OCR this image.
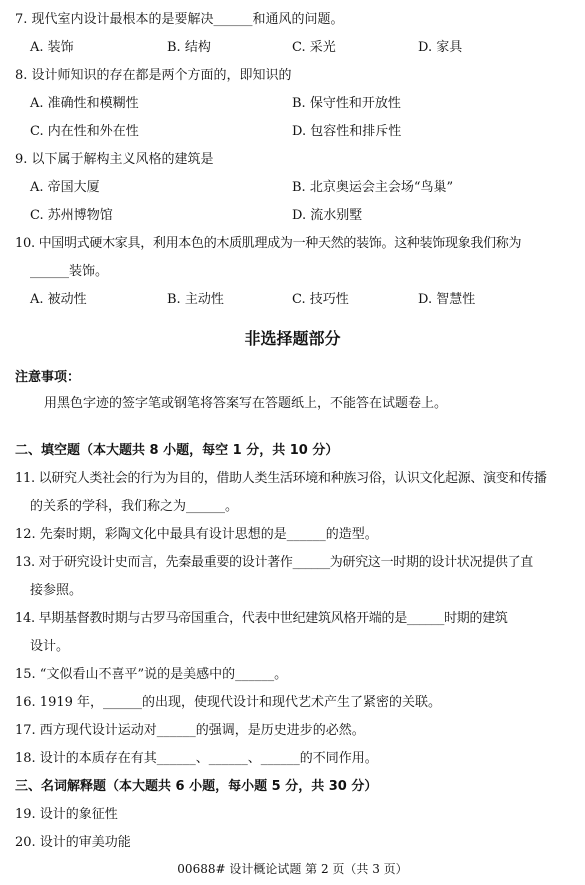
7. 现代室内设计最根本的是要解决______和通风的问题。
A. 装饰	B. 结构	C. 采光	D. 家具
8. 设计师知识的存在都是两个方面的，即知识的
A. 准确性和模糊性	B. 保守性和开放性
C. 内在性和外在性	D. 包容性和排斥性
9. 以下属于解构主义风格的建筑是
A. 帝国大厦	B. 北京奥运会主会场“鸟巢”
C. 苏州博物馆	D. 流水别墅
10. 中国明式硬木家具，利用本色的木质肌理成为一种天然的装饰。这种装饰现象我们称为
______装饰。
A. 被动性	B. 主动性	C. 技巧性	D. 智慧性
非选择题部分
注意事项：
用黑色字迹的签字笔或钢笔将答案写在答题纸上，不能答在试题卷上。
二、填空题（本大题共 8 小题，每空 1 分，共 10 分）
11. 以研究人类社会的行为为目的，借助人类生活环境和种族习俗，认识文化起源、演变和传播
的关系的学科，我们称之为______。
12. 先秦时期，彩陶文化中最具有设计思想的是______的造型。
13. 对于研究设计史而言，先秦最重要的设计著作______为研究这一时期的设计状况提供了直
接参照。
14. 早期基督教时期与古罗马帝国重合，代表中世纪建筑风格开端的是______时期的建筑
设计。
15. “文似看山不喜平”说的是美感中的______。
16. 1919 年，______的出现，使现代设计和现代艺术产生了紧密的关联。
17. 西方现代设计运动对______的强调，是历史进步的必然。
18. 设计的本质存在有其______、______、______的不同作用。
三、名词解释题（本大题共 6 小题，每小题 5 分，共 30 分）
19. 设计的象征性
20. 设计的审美功能
00688# 设计概论试题 第 2 页（共 3 页）
